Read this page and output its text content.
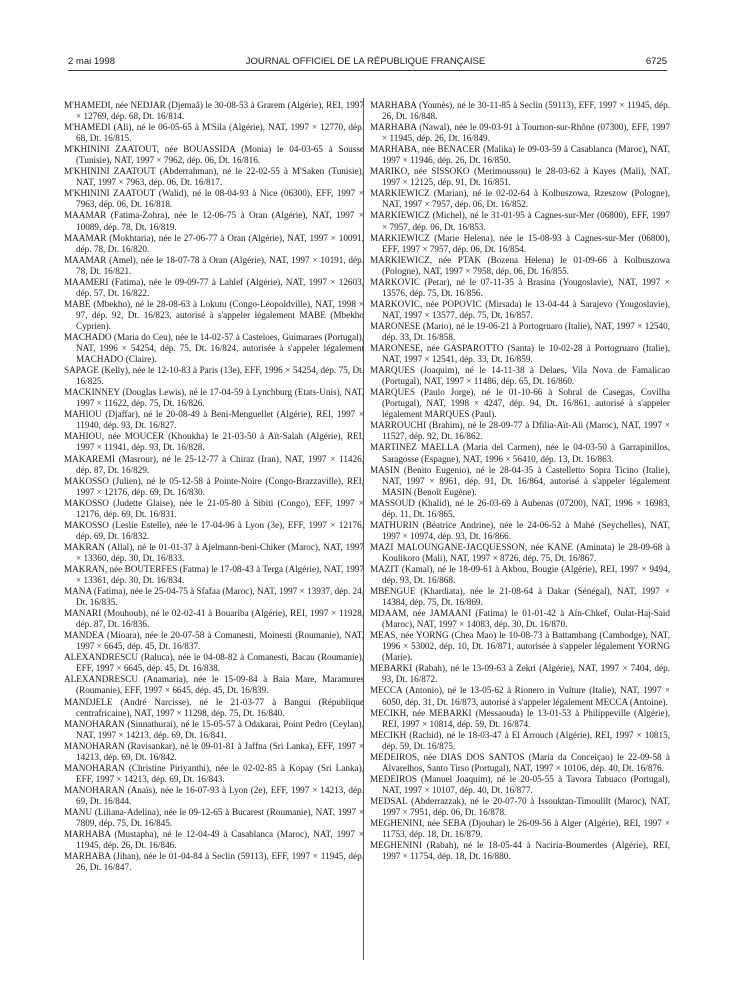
2 mai 1998	JOURNAL OFFICIEL DE LA RÉPUBLIQUE FRANÇAISE	6725

M'HAMEDI, née NEDJAR (Djemaâ) le 30-08-53 à Grarem (Algérie), REI, 1997 × 12769, dép. 68, Dt. 16/814.

M'HAMEDI (Ali), né le 06-05-65 à M'Sila (Algérie), NAT, 1997 × 12770, dép. 68, Dt. 16/815.

M'KHININI ZAATOUT, née BOUASSIDA (Monia) le 04-03-65 à Sousse (Tunisie), NAT, 1997 × 7962, dép. 06, Dt. 16/816.

M'KHININI ZAATOUT (Abderrahman), né le 22-02-55 à M'Saken (Tunisie), NAT, 1997 × 7963, dép. 06, Dt. 16/817.

M'KHININI ZAATOUT (Walid), né le 08-04-93 à Nice (06300), EFF, 1997 × 7963, dép. 06, Dt. 16/818.

MAAMAR (Fatima-Zohra), née le 12-06-75 à Oran (Algérie), NAT, 1997 × 10089, dép. 78, Dt. 16/819.

MAAMAR (Mokhtaria), née le 27-06-77 à Oran (Algérie), NAT, 1997 × 10091, dép. 78, Dt. 16/820.

MAAMAR (Amel), née le 18-07-78 à Oran (Algérie), NAT, 1997 × 10191, dép. 78, Dt. 16/821.

MAAMERI (Fatima), née le 09-09-77 à Lahlef (Algérie), NAT, 1997 × 12603, dép. 57, Dt. 16/822.

MABE (Mbekho), né le 28-08-63 à Lokutu (Congo-Léopoldville), NAT, 1998 × 97, dép. 92, Dt. 16/823, autorisé à s'appeler légalement MABE (Mbekho Cyprien).

MACHADO (Maria do Ceu), née le 14-02-57 à Casteloes, Guimaraes (Portugal), NAT, 1996 × 54254, dép. 75, Dt. 16/824, autorisée à s'appeler légalement MACHADO (Claire).

SAPAGE (Kelly), née le 12-10-83 à Paris (13e), EFF, 1996 × 54254, dép. 75, Dt. 16/825.

MACKINNEY (Douglas Lewis), né le 17-04-59 à Lynchburg (Etats-Unis), NAT, 1997 × 11622, dép. 75, Dt. 16/826.

MAHIOU (Djaffar), né le 20-08-49 à Beni-Menguellet (Algérie), REI, 1997 × 11940, dép. 93, Dt. 16/827.

MAHIOU, née MOUCER (Khoukha) le 21-03-50 à Aït-Salah (Algérie), REI, 1997 × 11941, dép. 93, Dt. 16/828.

MAKAREMI (Masrour), né le 25-12-77 à Chiraz (Iran), NAT, 1997 × 11426, dép. 87, Dt. 16/829.

MAKOSSO (Julien), né le 05-12-58 à Pointe-Noire (Congo-Brazzaville), REI, 1997 × 12176, dép. 69, Dt. 16/830.

MAKOSSO (Judette Glaise), née le 21-05-80 à Sibiti (Congo), EFF, 1997 × 12176, dép. 69, Dt. 16/831.

MAKOSSO (Leslie Estelle), née le 17-04-96 à Lyon (3e), EFF, 1997 × 12176, dép. 69, Dt. 16/832.

MAKRAN (Allal), né le 01-01-37 à Ajelmann-beni-Chiker (Maroc), NAT, 1997 × 13360, dép. 30, Dt. 16/833.

MAKRAN, née BOUTERFES (Fatma) le 17-08-43 à Terga (Algérie), NAT, 1997 × 13361, dép. 30, Dt. 16/834.

MANA (Fatima), née le 25-04-75 à Sfafaa (Maroc), NAT, 1997 × 13937, dép. 24, Dt. 16/835.

MANARI (Mouhoub), né le 02-02-41 à Bouariba (Algérie), REI, 1997 × 11928, dép. 87, Dt. 16/836.

MANDEA (Mioara), née le 20-07-58 à Comanesti, Moinesti (Roumanie), NAT, 1997 × 6645, dép. 45, Dt. 16/837.

ALEXANDRESCU (Raluca), née le 04-08-82 à Comanesti, Bacau (Roumanie), EFF, 1997 × 6645, dép. 45, Dt. 16/838.

ALEXANDRESCU (Anamaria), née le 15-09-84 à Baia Mare, Maramures (Roumanie), EFF, 1997 × 6645, dép. 45, Dt. 16/839.

MANDJELE (André Narcisse), né le 21-03-77 à Bangui (République centrafricaine), NAT, 1997 × 11298, dép. 75, Dt. 16/840.

MANOHARAN (Sinnathurai), né le 15-05-57 à Odakarai, Point Pedro (Ceylan), NAT, 1997 × 14213, dép. 69, Dt. 16/841.

MANOHARAN (Ravisankar), né le 09-01-81 à Jaffna (Sri Lanka), EFF, 1997 × 14213, dép. 69, Dt. 16/842.

MANOHARAN (Christine Piriyanthi), née le 02-02-85 à Kopay (Sri Lanka), EFF, 1997 × 14213, dép. 69, Dt. 16/843.

MANOHARAN (Anaïs), née le 16-07-93 à Lyon (2e), EFF, 1997 × 14213, dép. 69, Dt. 16/844.

MANU (Liliana-Adelina), née le 09-12-65 à Bucarest (Roumanie), NAT, 1997 × 7809, dép. 75, Dt. 16/845.

MARHABA (Mustapha), né le 12-04-49 à Casablanca (Maroc), NAT, 1997 × 11945, dép. 26, Dt. 16/846.

MARHABA (Jihan), née le 01-04-84 à Seclin (59113), EFF, 1997 × 11945, dép. 26, Dt. 16/847.

MARHABA (Younès), né le 30-11-85 à Seclin (59113), EFF, 1997 × 11945, dép. 26, Dt. 16/848.

MARHABA (Nawal), née le 09-03-91 à Tournon-sur-Rhône (07300), EFF, 1997 × 11945, dép. 26, Dt. 16/849.

MARHABA, née BENACER (Malika) le 09-03-59 à Casablanca (Maroc), NAT, 1997 × 11946, dép. 26, Dt. 16/850.

MARIKO, née SISSOKO (Merimoussou) le 28-03-62 à Kayes (Mali), NAT, 1997 × 12125, dép. 91, Dt. 16/851.

MARKIEWICZ (Marian), né le 02-02-64 à Kolbuszowa, Rzeszow (Pologne), NAT, 1997 × 7957, dép. 06, Dt. 16/852.

MARKIEWICZ (Michel), né le 31-01-95 à Cagnes-sur-Mer (06800), EFF, 1997 × 7957, dép. 06, Dt. 16/853.

MARKIEWICZ (Marie Helena), née le 15-08-93 à Cagnes-sur-Mer (06800), EFF, 1997 × 7957, dép. 06, Dt. 16/854.

MARKIEWICZ, née PTAK (Bozena Helena) le 01-09-66 à Kolbuszowa (Pologne), NAT, 1997 × 7958, dép. 06, Dt. 16/855.

MARKOVIC (Petar), né le 07-11-35 à Brasina (Yougoslavie), NAT, 1997 × 13576, dép. 75, Dt. 16/856.

MARKOVIC, née POPOVIC (Mirsada) le 13-04-44 à Sarajevo (Yougoslavie), NAT, 1997 × 13577, dép. 75, Dt. 16/857.

MARONESE (Mario), né le 19-06-21 à Portogruaro (Italie), NAT, 1997 × 12540, dép. 33, Dt. 16/858.

MARONESE, née GASPAROTTO (Santa) le 10-02-28 à Portogruaro (Italie), NAT, 1997 × 12541, dép. 33, Dt. 16/859.

MARQUES (Joaquim), né le 14-11-38 à Delaes, Vila Nova de Famalicao (Portugal), NAT, 1997 × 11486, dép. 65, Dt. 16/860.

MARQUES (Paulo Jorge), né le 01-10-66 à Sobral de Casegas, Covilha (Portugal), NAT, 1998 × 4247, dép. 94, Dt. 16/861, autorisé à s'appeler légalement MARQUES (Paul).

MARROUCHI (Brahim), né le 28-09-77 à Dfilia-Aït-Ali (Maroc), NAT, 1997 × 11527, dép. 92, Dt. 16/862.

MARTINEZ MAELLA (Maria del Carmen), née le 04-03-50 à Garrapinillos, Saragosse (Espagne), NAT, 1996 × 56410, dép. 13, Dt. 16/863.

MASIN (Benito Eugenio), né le 28-04-35 à Castelletto Sopra Ticino (Italie), NAT, 1997 × 8961, dép. 91, Dt. 16/864, autorisé à s'appeler légalement MASIN (Benoît Eugène).

MASSOUD (Khalid), né le 26-03-69 à Aubenas (07200), NAT, 1996 × 16983, dép. 11, Dt. 16/865.

MATHURIN (Béatrice Andrine), née le 24-06-52 à Mahé (Seychelles), NAT, 1997 × 10974, dép. 93, Dt. 16/866.

MAZI MALOUNGANE-JACQUESSON, née KANE (Aminata) le 28-09-68 à Koulikoro (Mali), NAT, 1997 × 8726, dép. 75, Dt. 16/867.

MAZIT (Kamal), né le 18-09-61 à Akbou, Bougie (Algérie), REI, 1997 × 9494, dép. 93, Dt. 16/868.

MBENGUE (Khardiata), née le 21-08-64 à Dakar (Sénégal), NAT, 1997 × 14384, dép. 75, Dt. 16/869.

MDAAM, née JAMAANI (Fatima) le 01-01-42 à Aïn-Chkef, Oulat-Haj-Saïd (Maroc), NAT, 1997 × 14083, dép. 30, Dt. 16/870.

MEAS, née YORNG (Chea Mao) le 10-08-73 à Battambang (Cambodge), NAT, 1996 × 53002, dép. 10, Dt. 16/871, autorisée à s'appeler légalement YORNG (Marie).

MEBARKI (Rabah), né le 13-09-63 à Zekri (Algérie), NAT, 1997 × 7404, dép. 93, Dt. 16/872.

MECCA (Antonio), né le 13-05-62 à Rionero in Vulture (Italie), NAT, 1997 × 6050, dép. 31, Dt. 16/873, autorisé à s'appeler légalement MECCA (Antoine).

MECIKH, née MEBARKI (Messaouda) le 13-01-53 à Philippeville (Algérie), REI, 1997 × 10814, dép. 59, Dt. 16/874.

MECIKH (Rachid), né le 18-03-47 à El Arrouch (Algérie), REI, 1997 × 10815, dép. 59, Dt. 16/875.

MEDEIROS, née DIAS DOS SANTOS (Maria da Conceiçao) le 22-09-58 à Alvarelhos, Santo Tirso (Portugal), NAT, 1997 × 10106, dép. 40, Dt. 16/876.

MEDEIROS (Manuel Joaquim), né le 20-05-55 à Tavora Tabuaco (Portugal), NAT, 1997 × 10107, dép. 40, Dt. 16/877.

MEDSAL (Abderrazzak), né le 20-07-70 à Issouktan-Timoulilt (Maroc), NAT, 1997 × 7951, dép. 06, Dt. 16/878.

MEGHENINI, née SEBA (Djouhar) le 26-09-56 à Alger (Algérie), REI, 1997 × 11753, dép. 18, Dt. 16/879.

MEGHENINI (Rabah), né le 18-05-44 à Naciria-Boumerdes (Algérie), REI, 1997 × 11754, dép. 18, Dt. 16/880.
